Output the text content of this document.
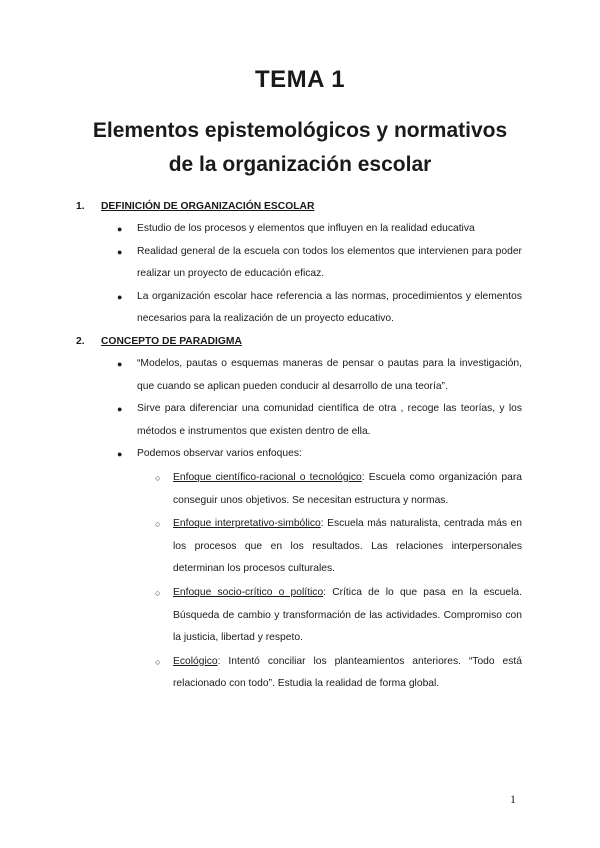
TEMA 1
Elementos epistemológicos y normativos
de la organización escolar
1. DEFINICIÓN DE ORGANIZACIÓN ESCOLAR
● Estudio de los procesos y elementos que influyen en la realidad educativa
● Realidad general de la escuela con todos los elementos que intervienen para poder realizar un proyecto de educación eficaz.
● La organización escolar hace referencia a las normas, procedimientos y elementos necesarios para la realización de un proyecto educativo.
2. CONCEPTO DE PARADIGMA
● “Modelos, pautas o esquemas maneras de pensar o pautas para la investigación, que cuando se aplican pueden conducir al desarrollo de una teoría”.
● Sirve para diferenciar una comunidad científica de otra , recoge las teorías, y los métodos e instrumentos que existen dentro de ella.
● Podemos observar varios enfoques:
○ Enfoque científico-racional o tecnológico: Escuela como organización para conseguir unos objetivos. Se necesitan estructura y normas.
○ Enfoque interpretativo-simbólico: Escuela más naturalista, centrada más en los procesos que en los resultados. Las relaciones interpersonales determinan los procesos culturales.
○ Enfoque socio-crítico o político: Crítica de lo que pasa en la escuela. Búsqueda de cambio y transformación de las actividades. Compromiso con la justicia, libertad y respeto.
○ Ecológico: Intentó conciliar los planteamientos anteriores. “Todo está relacionado con todo”. Estudia la realidad de forma global.
1
